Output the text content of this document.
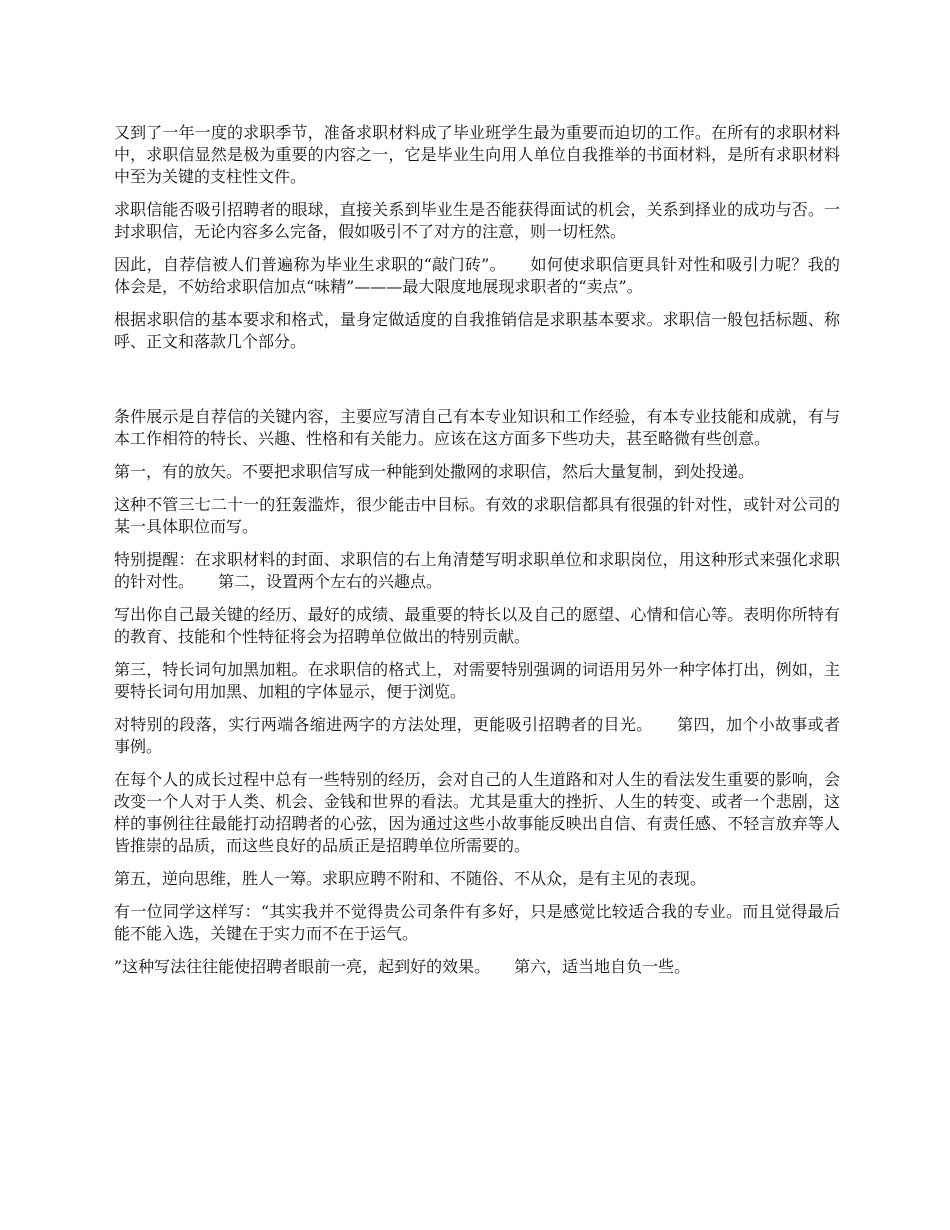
又到了一年一度的求职季节，准备求职材料成了毕业班学生最为重要而迫切的工作。在所有的求职材料中，求职信显然是极为重要的内容之一，它是毕业生向用人单位自我推举的书面材料，是所有求职材料中至为关键的支柱性文件。

求职信能否吸引招聘者的眼球，直接关系到毕业生是否能获得面试的机会，关系到择业的成功与否。一封求职信，无论内容多么完备，假如吸引不了对方的注意，则一切枉然。

因此，自荐信被人们普遍称为毕业生求职的“敲门砖”。　　如何使求职信更具针对性和吸引力呢？我的体会是，不妨给求职信加点“味精”———最大限度地展现求职者的“卖点”。

根据求职信的基本要求和格式，量身定做适度的自我推销信是求职基本要求。求职信一般包括标题、称呼、正文和落款几个部分。

条件展示是自荐信的关键内容，主要应写清自己有本专业知识和工作经验，有本专业技能和成就，有与本工作相符的特长、兴趣、性格和有关能力。应该在这方面多下些功夫，甚至略微有些创意。

第一，有的放矢。不要把求职信写成一种能到处撒网的求职信，然后大量复制，到处投递。

这种不管三七二十一的狂轰滥炸，很少能击中目标。有效的求职信都具有很强的针对性，或针对公司的某一具体职位而写。

特别提醒：在求职材料的封面、求职信的右上角清楚写明求职单位和求职岗位，用这种形式来强化求职的针对性。　　第二，设置两个左右的兴趣点。

写出你自己最关键的经历、最好的成绩、最重要的特长以及自己的愿望、心情和信心等。表明你所特有的教育、技能和个性特征将会为招聘单位做出的特别贡献。

第三，特长词句加黑加粗。在求职信的格式上，对需要特别强调的词语用另外一种字体打出，例如，主要特长词句用加黑、加粗的字体显示，便于浏览。

对特别的段落，实行两端各缩进两字的方法处理，更能吸引招聘者的目光。　　第四，加个小故事或者事例。

在每个人的成长过程中总有一些特别的经历，会对自己的人生道路和对人生的看法发生重要的影响，会改变一个人对于人类、机会、金钱和世界的看法。尤其是重大的挫折、人生的转变、或者一个悲剧，这样的事例往往最能打动招聘者的心弦，因为通过这些小故事能反映出自信、有责任感、不轻言放弃等人皆推崇的品质，而这些良好的品质正是招聘单位所需要的。

第五，逆向思维，胜人一筹。求职应聘不附和、不随俗、不从众，是有主见的表现。

有一位同学这样写：“其实我并不觉得贵公司条件有多好，只是感觉比较适合我的专业。而且觉得最后能不能入选，关键在于实力而不在于运气。

”这种写法往往能使招聘者眼前一亮，起到好的效果。　　第六，适当地自负一些。
